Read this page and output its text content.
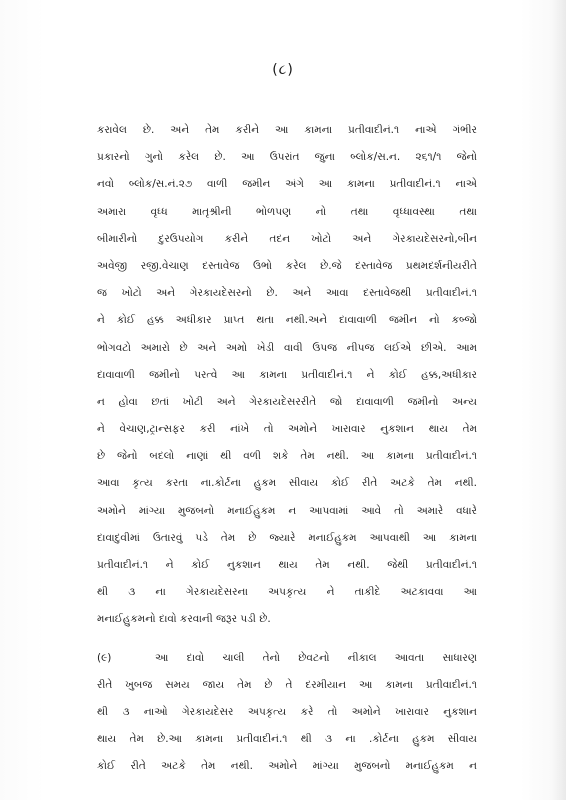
(૮)
કરાવેલ છે. અને તેમ કરીને આ કામના પ્રતીવાદીનં.૧ નાએ ગંભીર
પ્રકારનો ગુનો કરેલ છે. આ ઉપરાંત જુના બ્લોક/સ.ન. ૨૬૧/૧ જેનો
નવો બ્લોક/સ.નં.૨૭ વાળી જમીન અંગે આ કામના પ્રતીવાદીનં.૧ નાએ
અમારા વૃધ્ધ માતૃશ્રીની ભોળપણ નો તથા વૃધ્ધાવસ્થા તથા
બીમારીનો દુરઉપયોગ કરીને તદન ખોટો અને ગેરકાયદેસરનો,બીન
અવેજી રજી.વેચાણ દસ્તાવેજ ઉભો કરેલ છે.જે દસ્તાવેજ પ્રથમદર્શનીયરીતે
જ ખોટો અને ગેરકાયદેસરનો છે. અને આવા દસ્તાવેજથી પ્રતીવાદીનં.૧
ને કોઈ હક્ક અધીકાર પ્રાપ્ત થતા નથી.અને દાવાવાળી જમીન નો કબ્જો
ભોગવટો અમારો છે અને અમો ખેડી વાવી ઉપજ નીપજ લઈએ છીએ. આમ
દાવાવાળી જમીનો પરત્વે આ કામના પ્રતીવાદીનં.૧ ને કોઈ હક્ક,અધીકાર
ન હોવા છતાં ખોટી અને ગેરકાયદેસરરીતે જો દાવાવાળી જમીનો અન્ય
ને વેચાણ,ટ્રાન્સફર કરી નાંખે તો અમોને ખારાવાર નુકશાન થાય તેમ
છે જેનો બદલો નાણાં થી વળી શકે તેમ નથી. આ કામના પ્રતીવાદીનં.૧
આવા કૃત્ય કરતા ના.કોર્ટના હુકમ સીવાય કોઈ રીતે અટકે તેમ નથી.
અમોને માંગ્યા મુજબનો મનાઈહુકમ ન આપવામાં આવે તો અમારે વધારે
દાવાદુવીમાં ઉતારવું પડે તેમ છે જ્યારે મનાઈહુકમ આપવાથી આ કામના
પ્રતીવાદીનં.૧ ને કોઈ નુકશાન થાય તેમ નથી. જેથી પ્રતીવાદીનં.૧
થી ૩ ના ગેરકાયદેસરના અપકૃત્ય ને તાકીદે અટકાવવા આ
મનાઈહુકમનો દાવો કરવાની જરૂર પડી છે.
(૯)	આ દાવો ચાલી તેનો છેવટનો નીકાલ આવતા સાધારણ
રીતે ખુબજ સમય જાય તેમ છે તે દરમીયાન આ કામના પ્રતીવાદીનં.૧
થી ૩ નાઓ ગેરકાયદેસર અપકૃત્ય કરે તો અમોને ખારાવાર નુકશાન
થાય તેમ છે.આ કામના પ્રતીવાદીનં.૧ થી ૩ ના .કોર્ટના હુકમ સીવાય
કોઈ રીતે અટકે તેમ નથી. અમોને માંગ્યા મુજબનો મનાઈહુકમ ન
